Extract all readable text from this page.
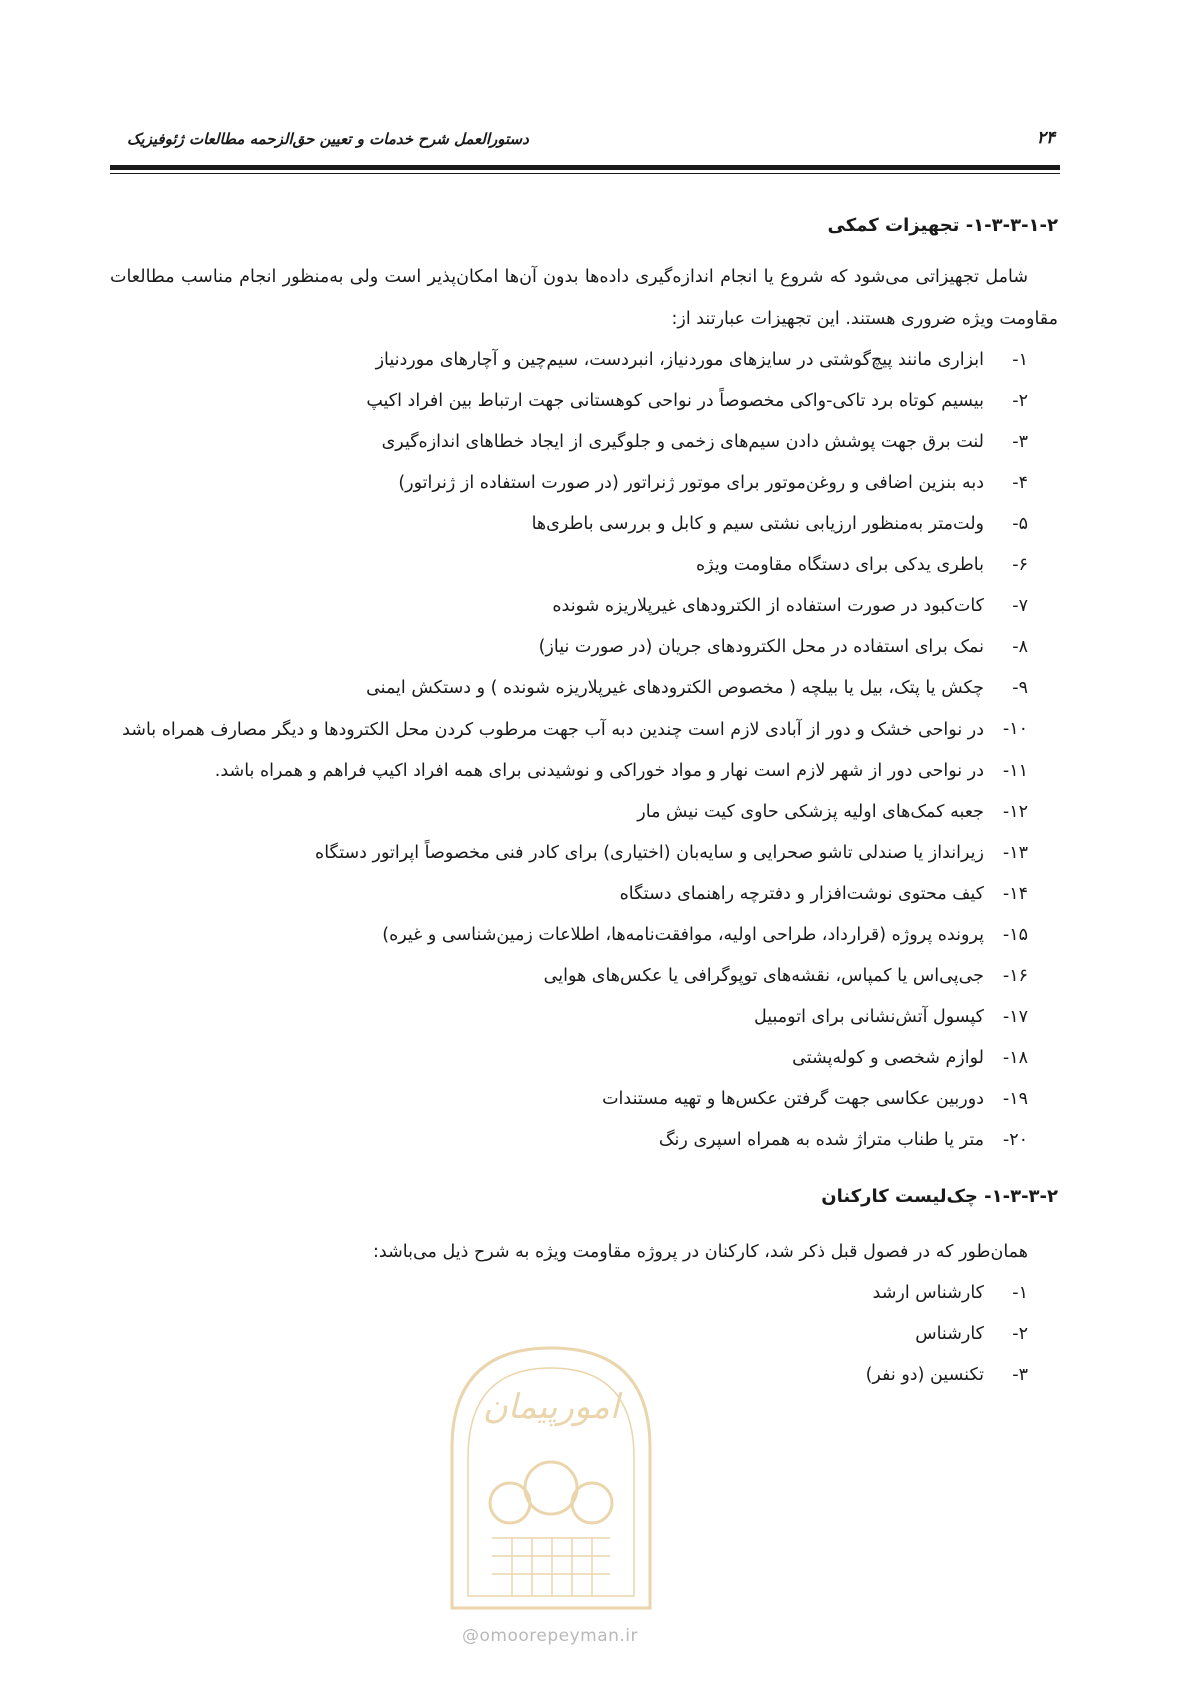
۲۴
دستورالعمل شرح خدمات و تعیین حق‌الزحمه مطالعات ژئوفیزیک
۱-۳-۳-۱-۲- تجهیزات کمکی
شامل تجهیزاتی می‌شود که شروع یا انجام اندازه‌گیری داده‌ها بدون آن‌ها امکان‌پذیر است ولی به‌منظور انجام مناسب مطالعات مقاومت ویژه ضروری هستند. این تجهیزات عبارتند از:
۱-
ابزاری مانند پیچ‌گوشتی در سایزهای موردنیاز، انبردست، سیم‌چین و آچارهای موردنیاز
۲-
بیسیم کوتاه برد تاکی-واکی مخصوصاً در نواحی کوهستانی جهت ارتباط بین افراد اکیپ
۳-
لنت برق جهت پوشش دادن سیم‌های زخمی و جلوگیری از ایجاد خطاهای اندازه‌گیری
۴-
دبه بنزین اضافی و روغن‌موتور برای موتور ژنراتور (در صورت استفاده از ژنراتور)
۵-
ولت‌متر به‌منظور ارزیابی نشتی سیم و کابل و بررسی باطری‌ها
۶-
باطری یدکی برای دستگاه مقاومت ویژه
۷-
کات‌کبود در صورت استفاده از الکترودهای غیرپلاریزه شونده
۸-
نمک برای استفاده در محل الکترودهای جریان (در صورت نیاز)
۹-
چکش یا پتک، بیل یا بیلچه ( مخصوص الکترودهای غیرپلاریزه شونده ) و دستکش ایمنی
۱۰-
در نواحی خشک و دور از آبادی لازم است چندین دبه آب جهت مرطوب کردن محل الکترودها و دیگر مصارف همراه باشد
۱۱-
در نواحی دور از شهر لازم است نهار و مواد خوراکی و نوشیدنی برای همه افراد اکیپ فراهم و همراه باشد.
۱۲-
جعبه کمک‌های اولیه پزشکی حاوی کیت نیش مار
۱۳-
زیرانداز یا صندلی تاشو صحرایی و سایه‌بان (اختیاری) برای کادر فنی مخصوصاً اپراتور دستگاه
۱۴-
کیف محتوی نوشت‌افزار و دفترچه راهنمای دستگاه
۱۵-
پرونده پروژه (قرارداد، طراحی اولیه، موافقت‌نامه‌ها، اطلاعات زمین‌شناسی و غیره)
۱۶-
جی‌پی‌اس یا کمپاس، نقشه‌های توپوگرافی یا عکس‌های هوایی
۱۷-
کپسول آتش‌نشانی برای اتومبیل
۱۸-
لوازم شخصی و کوله‌پشتی
۱۹-
دوربین عکاسی جهت گرفتن عکس‌ها و تهیه مستندات
۲۰-
متر یا طناب متراژ شده به همراه اسپری رنگ
۱-۳-۳-۲- چک‌لیست کارکنان
همان‌طور که در فصول قبل ذکر شد، کارکنان در پروژه مقاومت ویژه به شرح ذیل می‌باشد:
۱-
کارشناس ارشد
۲-
کارشناس
۳-
تکنسین (دو نفر)
امورپیمان
@omoorepeyman.ir
